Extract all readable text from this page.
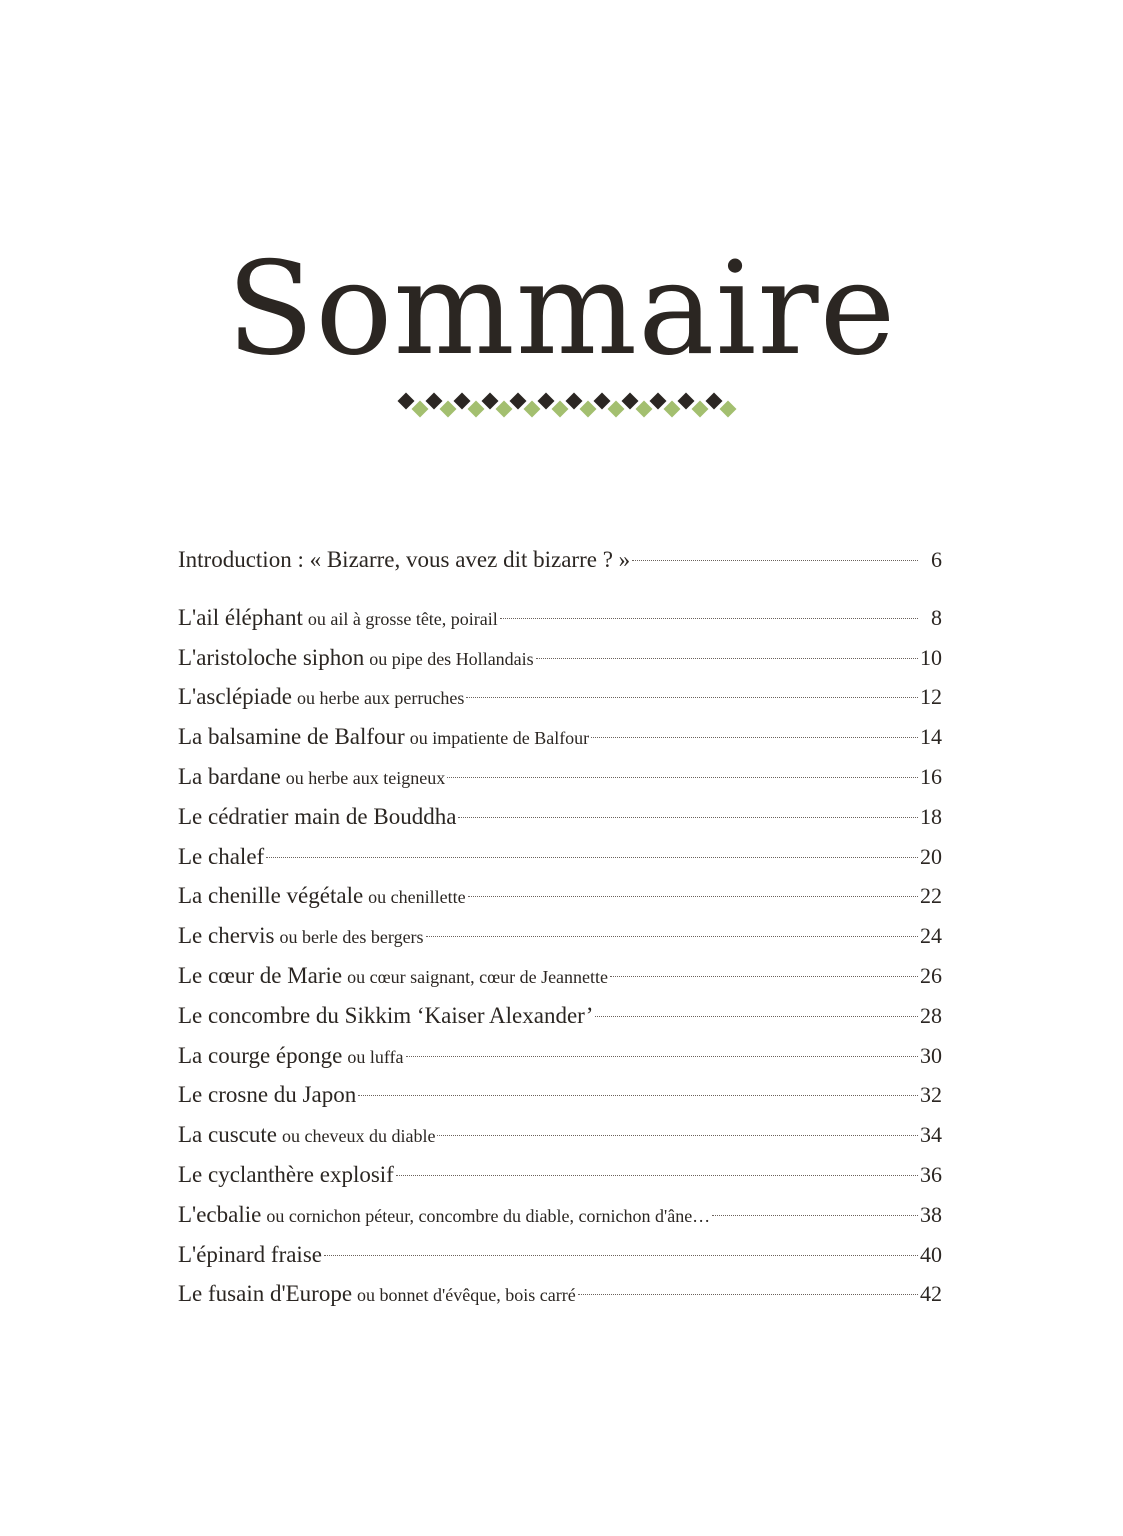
Sommaire
Introduction : « Bizarre, vous avez dit bizarre ? »	6
L'ail éléphant ou ail à grosse tête, poirail	8
L'aristoloche siphon ou pipe des Hollandais	10
L'asclépiade ou herbe aux perruches	12
La balsamine de Balfour ou impatiente de Balfour	14
La bardane ou herbe aux teigneux	16
Le cédratier main de Bouddha	18
Le chalef	20
La chenille végétale ou chenillette	22
Le chervis ou berle des bergers	24
Le cœur de Marie ou cœur saignant, cœur de Jeannette	26
Le concombre du Sikkim ‘Kaiser Alexander’	28
La courge éponge ou luffa	30
Le crosne du Japon	32
La cuscute ou cheveux du diable	34
Le cyclanthère explosif	36
L'ecbalie ou cornichon péteur, concombre du diable, cornichon d'âne…	38
L'épinard fraise	40
Le fusain d'Europe ou bonnet d'évêque, bois carré	42
